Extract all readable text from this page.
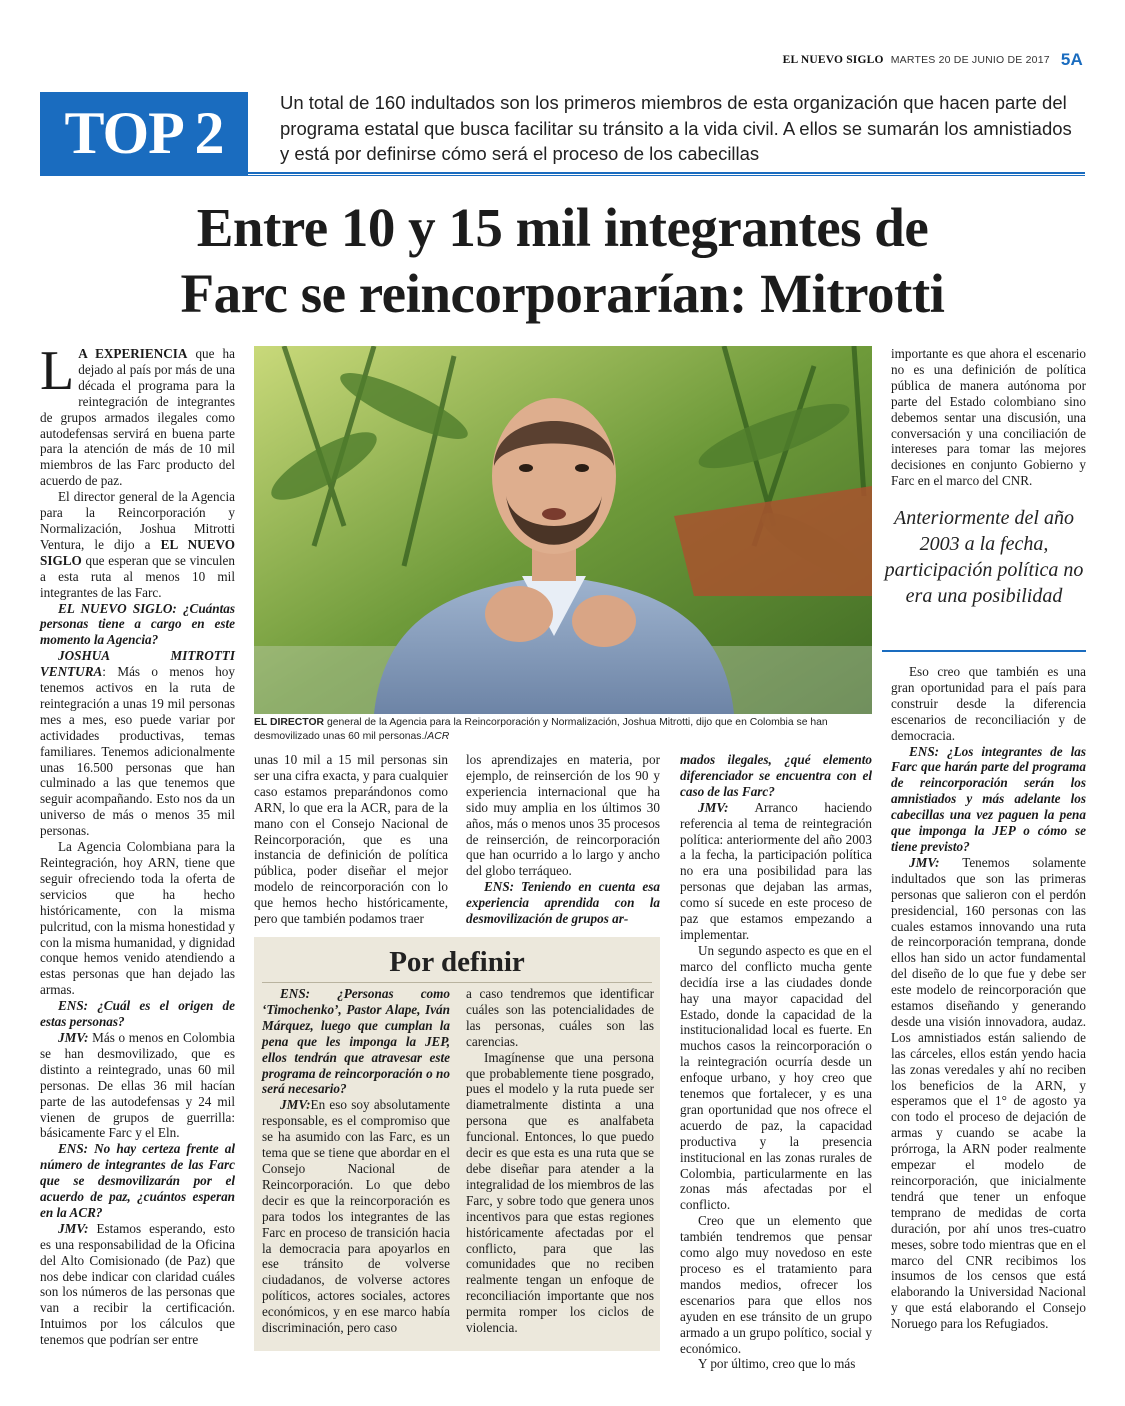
EL NUEVO SIGLO MARTES 20 DE JUNIO DE 2017 5A
TOP 2	Un total de 160 indultados son los primeros miembros de esta organización que hacen parte del programa estatal que busca facilitar su tránsito a la vida civil. A ellos se sumarán los amnistiados y está por definirse cómo será el proceso de los cabecillas
Entre 10 y 15 mil integrantes de
Farc se reincorporarían: Mitrotti

L A EXPERIENCIA que ha dejado al país por más de una década el programa para la reintegración de integrantes de grupos armados ilegales como autodefensas servirá en buena parte para la atención de más de 10 mil miembros de las Farc producto del acuerdo de paz.

El director general de la Agencia para la Reincorporación y Normalización, Joshua Mitrotti Ventura, le dijo a EL NUEVO SIGLO que esperan que se vinculen a esta ruta al menos 10 mil integrantes de las Farc.

EL NUEVO SIGLO: ¿Cuántas personas tiene a cargo en este momento la Agencia?

JOSHUA MITROTTI VENTURA: Más o menos hoy tenemos activos en la ruta de reintegración a unas 19 mil personas mes a mes, eso puede variar por actividades productivas, temas familiares. Tenemos adicionalmente unas 16.500 personas que han culminado a las que tenemos que seguir acompañando. Esto nos da un universo de más o menos 35 mil personas.

La Agencia Colombiana para la Reintegración, hoy ARN, tiene que seguir ofreciendo toda la oferta de servicios que ha hecho históricamente, con la misma pulcritud, con la misma honestidad y con la misma humanidad, y dignidad conque hemos venido atendiendo a estas personas que han dejado las armas.

ENS: ¿Cuál es el origen de estas personas?

JMV: Más o menos en Colombia se han desmovilizado, que es distinto a reintegrado, unas 60 mil personas. De ellas 36 mil hacían parte de las autodefensas y 24 mil vienen de grupos de guerrilla: básicamente Farc y el Eln.

ENS: No hay certeza frente al número de integrantes de las Farc que se desmovilizarán por el acuerdo de paz, ¿cuántos esperan en la ACR?

JMV: Estamos esperando, esto es una responsabilidad de la Oficina del Alto Comisionado (de Paz) que nos debe indicar con claridad cuáles son los números de las personas que van a recibir la certificación. Intuimos por los cálculos que tenemos que podrían ser entre

EL DIRECTOR general de la Agencia para la Reincorporación y Normalización, Joshua Mitrotti, dijo que en Colombia se han desmovilizado unas 60 mil personas./ACR

unas 10 mil a 15 mil personas sin ser una cifra exacta, y para cualquier caso estamos preparándonos como ARN, lo que era la ACR, para de la mano con el Consejo Nacional de Reincorporación, que es una instancia de definición de política pública, poder diseñar el mejor modelo de reincorporación con lo que hemos hecho históricamente, pero que también podamos traer

los aprendizajes en materia, por ejemplo, de reinserción de los 90 y experiencia internacional que ha sido muy amplia en los últimos 30 años, más o menos unos 35 procesos de reinserción, de reincorporación que han ocurrido a lo largo y ancho del globo terráqueo.

ENS: Teniendo en cuenta esa experiencia aprendida con la desmovilización de grupos ar-

Por definir

ENS: ¿Personas como ‘Timochenko’, Pastor Alape, Iván Márquez, luego que cumplan la pena que les imponga la JEP, ellos tendrán que atravesar este programa de reincorporación o no será necesario?

JMV:En eso soy absolutamente responsable, es el compromiso que se ha asumido con las Farc, es un tema que se tiene que abordar en el Consejo Nacional de Reincorporación. Lo que debo decir es que la reincorporación es para todos los integrantes de las Farc en proceso de transición hacia la democracia para apoyarlos en ese tránsito de volverse ciudadanos, de volverse actores políticos, actores sociales, actores económicos, y en ese marco había discriminación, pero caso

a caso tendremos que identificar cuáles son las potencialidades de las personas, cuáles son las carencias.

Imagínense que una persona que probablemente tiene posgrado, pues el modelo y la ruta puede ser diametralmente distinta a una persona que es analfabeta funcional. Entonces, lo que puedo decir es que esta es una ruta que se debe diseñar para atender a la integralidad de los miembros de las Farc, y sobre todo que genera unos incentivos para que estas regiones históricamente afectadas por el conflicto, para que las comunidades que no reciben realmente tengan un enfoque de reconciliación importante que nos permita romper los ciclos de violencia.

mados ilegales, ¿qué elemento diferenciador se encuentra con el caso de las Farc?

JMV: Arranco haciendo referencia al tema de reintegración política: anteriormente del año 2003 a la fecha, la participación política no era una posibilidad para las personas que dejaban las armas, como sí sucede en este proceso de paz que estamos empezando a implementar.

Un segundo aspecto es que en el marco del conflicto mucha gente decidía irse a las ciudades donde hay una mayor capacidad del Estado, donde la capacidad de la institucionalidad local es fuerte. En muchos casos la reincorporación o la reintegración ocurría desde un enfoque urbano, y hoy creo que tenemos que fortalecer, y es una gran oportunidad que nos ofrece el acuerdo de paz, la capacidad productiva y la presencia institucional en las zonas rurales de Colombia, particularmente en las zonas más afectadas por el conflicto.

Creo que un elemento que también tendremos que pensar como algo muy novedoso en este proceso es el tratamiento para mandos medios, ofrecer los escenarios para que ellos nos ayuden en ese tránsito de un grupo armado a un grupo político, social y económico.

Y por último, creo que lo más

importante es que ahora el escenario no es una definición de política pública de manera autónoma por parte del Estado colombiano sino debemos sentar una discusión, una conversación y una conciliación de intereses para tomar las mejores decisiones en conjunto Gobierno y Farc en el marco del CNR.

Anteriormente del año 2003 a la fecha, participación política no era una posibilidad

Eso creo que también es una gran oportunidad para el país para construir desde la diferencia escenarios de reconciliación y de democracia.

ENS: ¿Los integrantes de las Farc que harán parte del programa de reincorporación serán los amnistiados y más adelante los cabecillas una vez paguen la pena que imponga la JEP o cómo se tiene previsto?

JMV: Tenemos solamente indultados que son las primeras personas que salieron con el perdón presidencial, 160 personas con las cuales estamos innovando una ruta de reincorporación temprana, donde ellos han sido un actor fundamental del diseño de lo que fue y debe ser este modelo de reincorporación que estamos diseñando y generando desde una visión innovadora, audaz. Los amnistiados están saliendo de las cárceles, ellos están yendo hacia las zonas veredales y ahí no reciben los beneficios de la ARN, y esperamos que el 1° de agosto ya con todo el proceso de dejación de armas y cuando se acabe la prórroga, la ARN poder realmente empezar el modelo de reincorporación, que inicialmente tendrá que tener un enfoque temprano de medidas de corta duración, por ahí unos tres-cuatro meses, sobre todo mientras que en el marco del CNR recibimos los insumos de los censos que está elaborando la Universidad Nacional y que está elaborando el Consejo Noruego para los Refugiados.
